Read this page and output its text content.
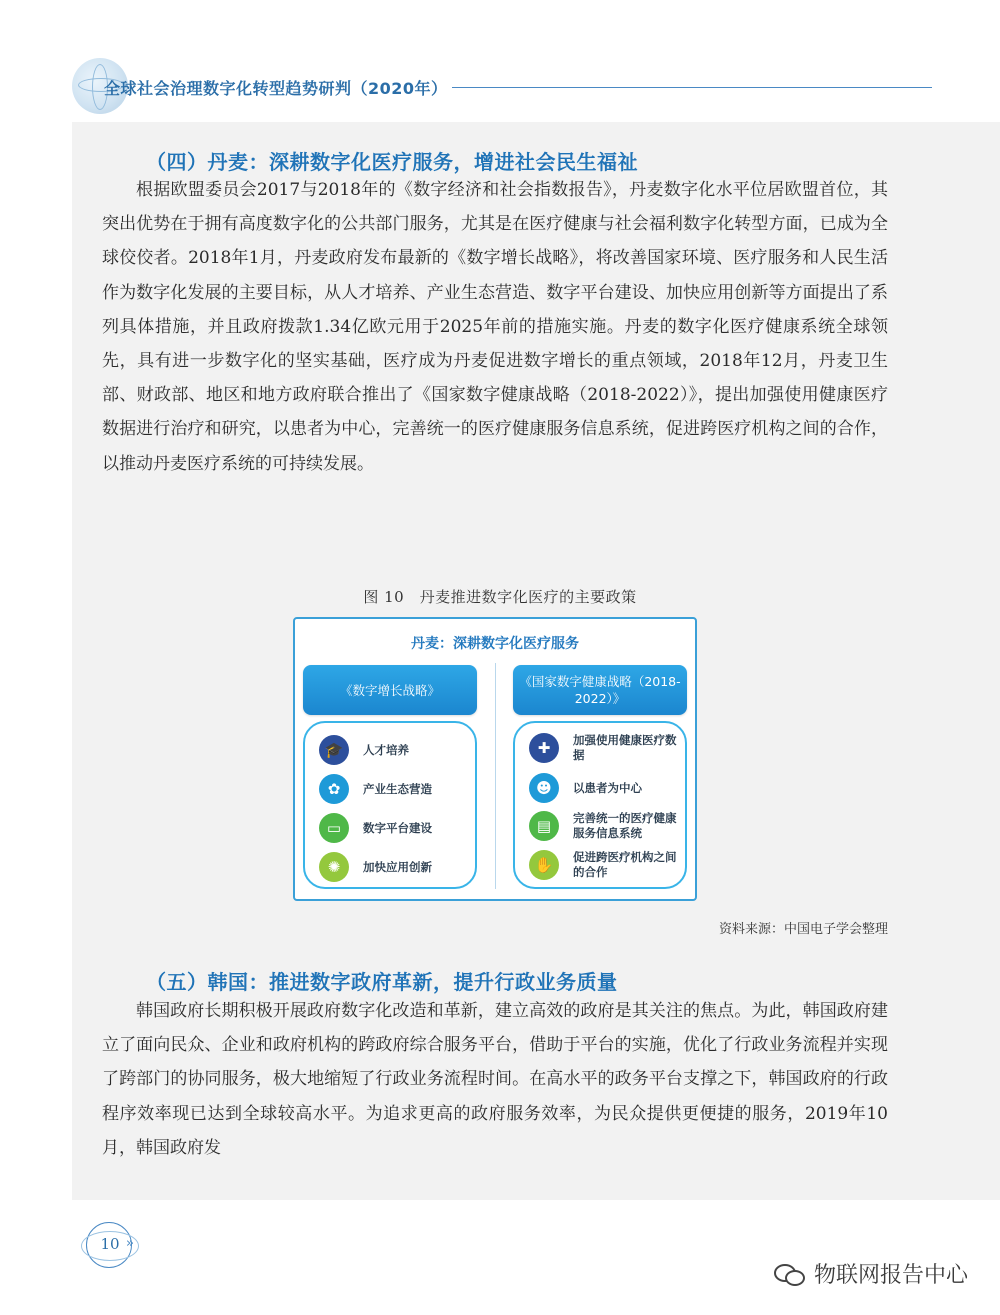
全球社会治理数字化转型趋势研判（2020年）
（四）丹麦：深耕数字化医疗服务，增进社会民生福祉

根据欧盟委员会2017与2018年的《数字经济和社会指数报告》，丹麦数字化水平位居欧盟首位，其突出优势在于拥有高度数字化的公共部门服务，尤其是在医疗健康与社会福利数字化转型方面，已成为全球佼佼者。2018年1月，丹麦政府发布最新的《数字增长战略》，将改善国家环境、医疗服务和人民生活作为数字化发展的主要目标，从人才培养、产业生态营造、数字平台建设、加快应用创新等方面提出了系列具体措施，并且政府拨款1.34亿欧元用于2025年前的措施实施。丹麦的数字化医疗健康系统全球领先，具有进一步数字化的坚实基础，医疗成为丹麦促进数字增长的重点领域，2018年12月，丹麦卫生部、财政部、地区和地方政府联合推出了《国家数字健康战略（2018-2022）》，提出加强使用健康医疗数据进行治疗和研究，以患者为中心，完善统一的医疗健康服务信息系统，促进跨医疗机构之间的合作，以推动丹麦医疗系统的可持续发展。

图 10　丹麦推进数字化医疗的主要政策
丹麦：深耕数字化医疗服务
《数字增长战略》
🎓	人才培养
✿	产业生态营造
▭	数字平台建设
✺	加快应用创新
《国家数字健康战略（2018-2022）》
✚	加强使用健康医疗数据
☻	以患者为中心
▤	完善统一的医疗健康服务信息系统
✋	促进跨医疗机构之间的合作
资料来源：中国电子学会整理
（五）韩国：推进数字政府革新，提升行政业务质量

韩国政府长期积极开展政府数字化改造和革新，建立高效的政府是其关注的焦点。为此，韩国政府建立了面向民众、企业和政府机构的跨政府综合服务平台，借助于平台的实施，优化了行政业务流程并实现了跨部门的协同服务，极大地缩短了行政业务流程时间。在高水平的政务平台支撑之下，韩国政府的行政程序效率现已达到全球较高水平。为追求更高的政府服务效率，为民众提供更便捷的服务，2019年10月，韩国政府发

10 »
物联网报告中心
